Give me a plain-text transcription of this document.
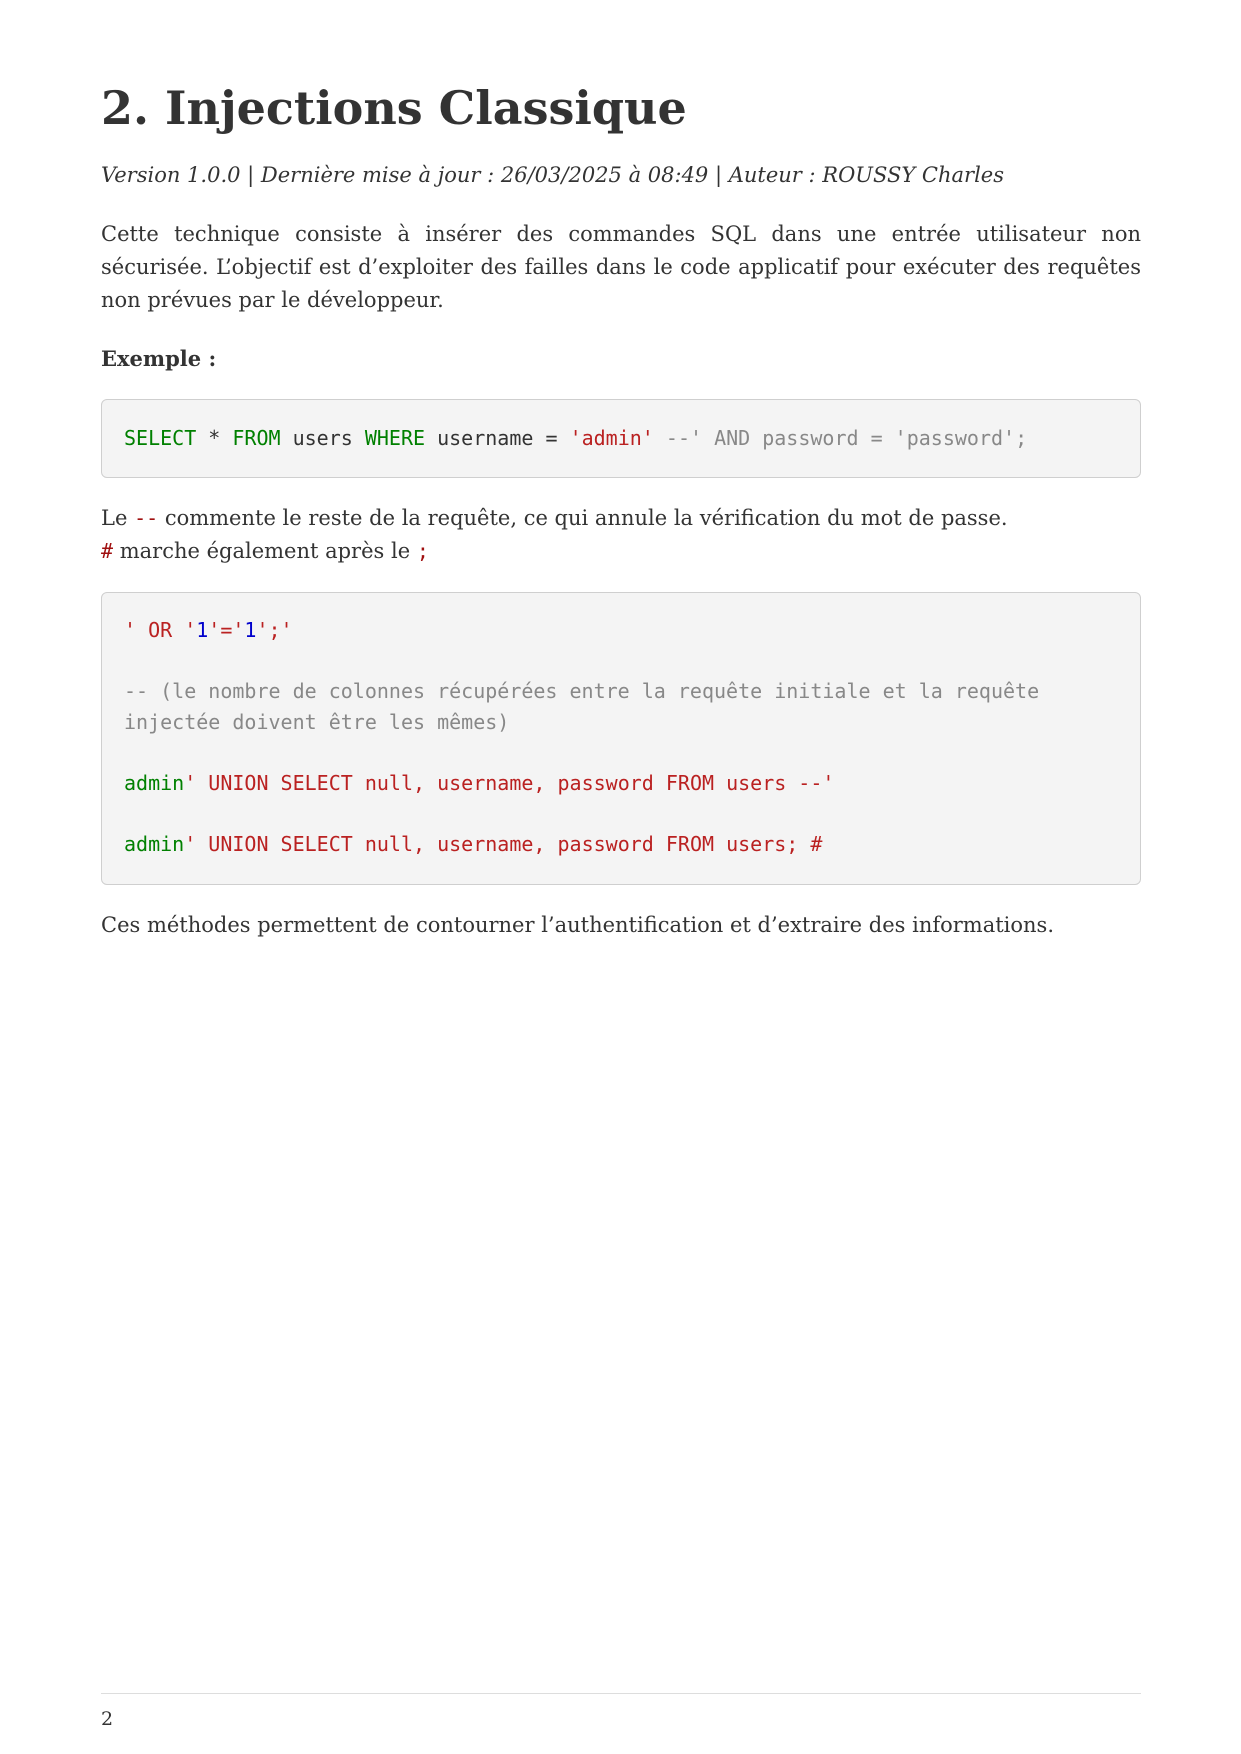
2. Injections Classique

Version 1.0.0 | Dernière mise à jour : 26/03/2025 à 08:49 | Auteur : ROUSSY Charles

Cette technique consiste à insérer des commandes SQL dans une entrée utilisateur non sécurisée. L’objectif est d’exploiter des failles dans le code applicatif pour exécuter des requêtes non prévues par le développeur.

Exemple :

SELECT * FROM users WHERE username = 'admin' --' AND password = 'password';

Le -- commente le reste de la requête, ce qui annule la vérification du mot de passe.

# marche également après le ;

' OR '1'='1';'
-- (le nombre de colonnes récupérées entre la requête initiale et la requête injectée doivent être les mêmes)
admin' UNION SELECT null, username, password FROM users --'
admin' UNION SELECT null, username, password FROM users; #

Ces méthodes permettent de contourner l’authentification et d’extraire des informations.

2
